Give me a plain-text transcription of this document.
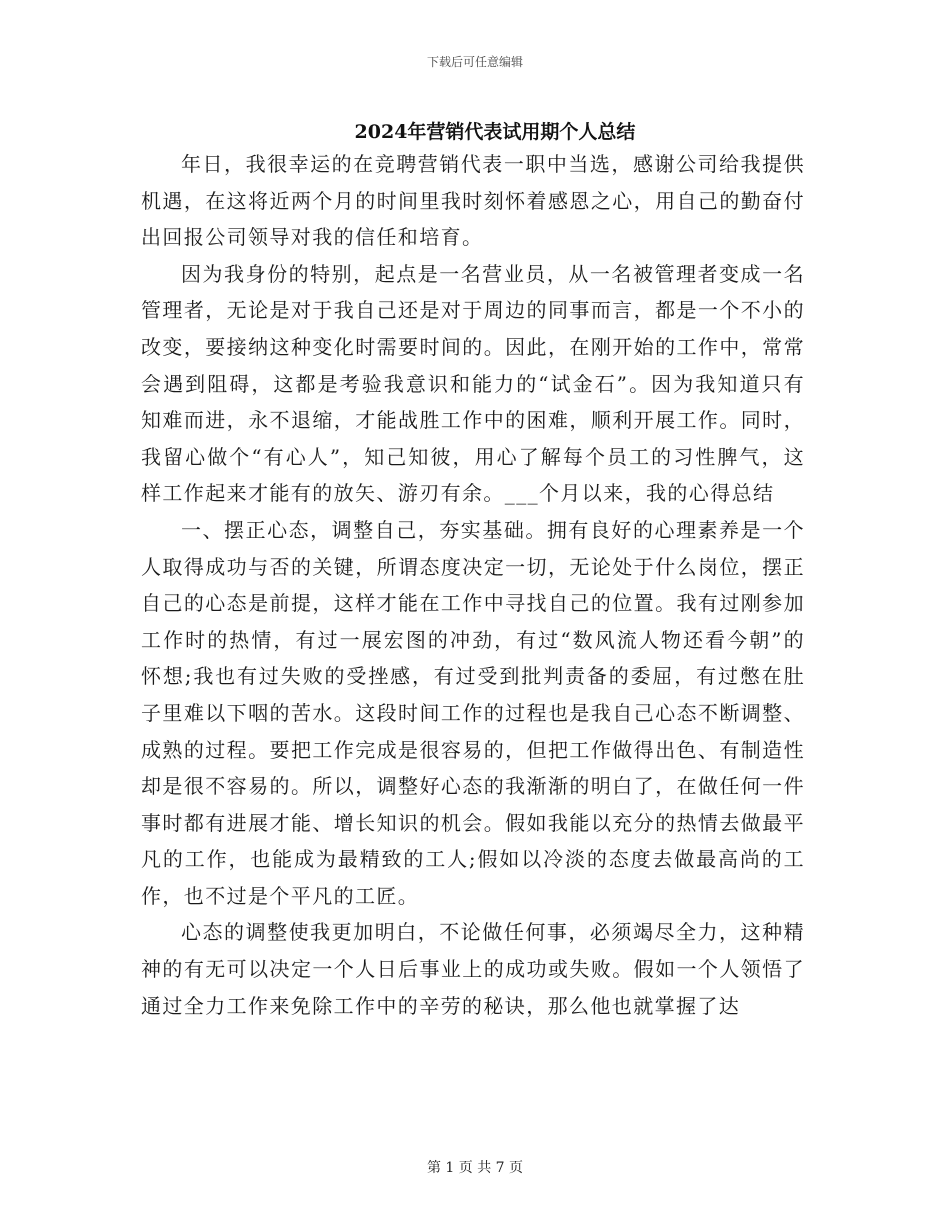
下载后可任意编辑
2024年营销代表试用期个人总结

年日，我很幸运的在竞聘营销代表一职中当选，感谢公司给我提供机遇，在这将近两个月的时间里我时刻怀着感恩之心，用自己的勤奋付出回报公司领导对我的信任和培育。

因为我身份的特别，起点是一名营业员，从一名被管理者变成一名管理者，无论是对于我自己还是对于周边的同事而言，都是一个不小的改变，要接纳这种变化时需要时间的。因此，在刚开始的工作中，常常会遇到阻碍，这都是考验我意识和能力的“试金石”。因为我知道只有知难而进，永不退缩，才能战胜工作中的困难，顺利开展工作。同时，我留心做个“有心人”，知己知彼，用心了解每个员工的习性脾气，这样工作起来才能有的放矢、游刃有余。___个月以来，我的心得总结

一、摆正心态，调整自己，夯实基础。拥有良好的心理素养是一个人取得成功与否的关键，所谓态度决定一切，无论处于什么岗位，摆正自己的心态是前提，这样才能在工作中寻找自己的位置。我有过刚参加工作时的热情，有过一展宏图的冲劲，有过“数风流人物还看今朝”的怀想;我也有过失败的受挫感，有过受到批判责备的委屈，有过憋在肚子里难以下咽的苦水。这段时间工作的过程也是我自己心态不断调整、成熟的过程。要把工作完成是很容易的，但把工作做得出色、有制造性却是很不容易的。所以，调整好心态的我渐渐的明白了，在做任何一件事时都有进展才能、增长知识的机会。假如我能以充分的热情去做最平凡的工作，也能成为最精致的工人;假如以冷淡的态度去做最高尚的工作，也不过是个平凡的工匠。

心态的调整使我更加明白，不论做任何事，必须竭尽全力，这种精神的有无可以决定一个人日后事业上的成功或失败。假如一个人领悟了通过全力工作来免除工作中的辛劳的秘诀，那么他也就掌握了达

第 1 页 共 7 页
